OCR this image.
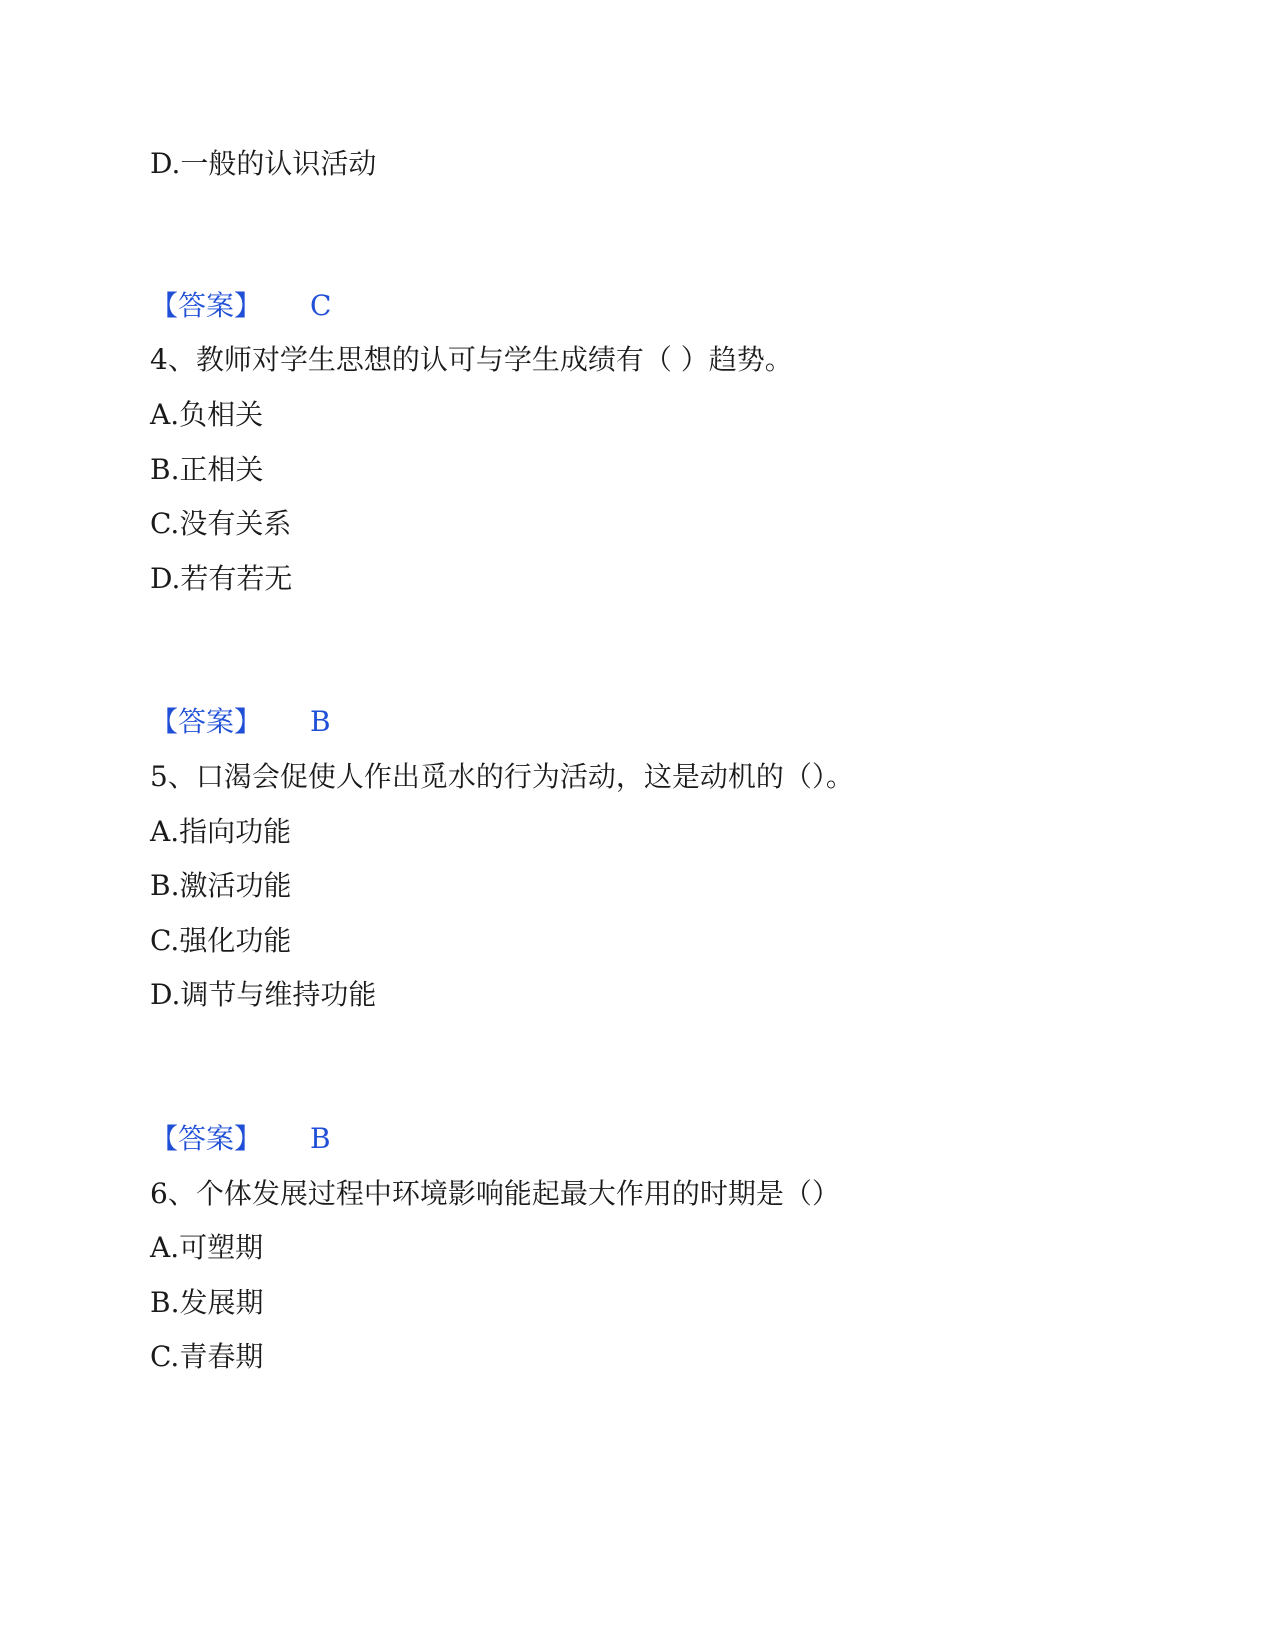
D.一般的认识活动
【答案】 C
4、教师对学生思想的认可与学生成绩有（ ）趋势。
A.负相关
B.正相关
C.没有关系
D.若有若无
【答案】 B
5、口渴会促使人作出觅水的行为活动，这是动机的（）。
A.指向功能
B.激活功能
C.强化功能
D.调节与维持功能
【答案】 B
6、个体发展过程中环境影响能起最大作用的时期是（）
A.可塑期
B.发展期
C.青春期
